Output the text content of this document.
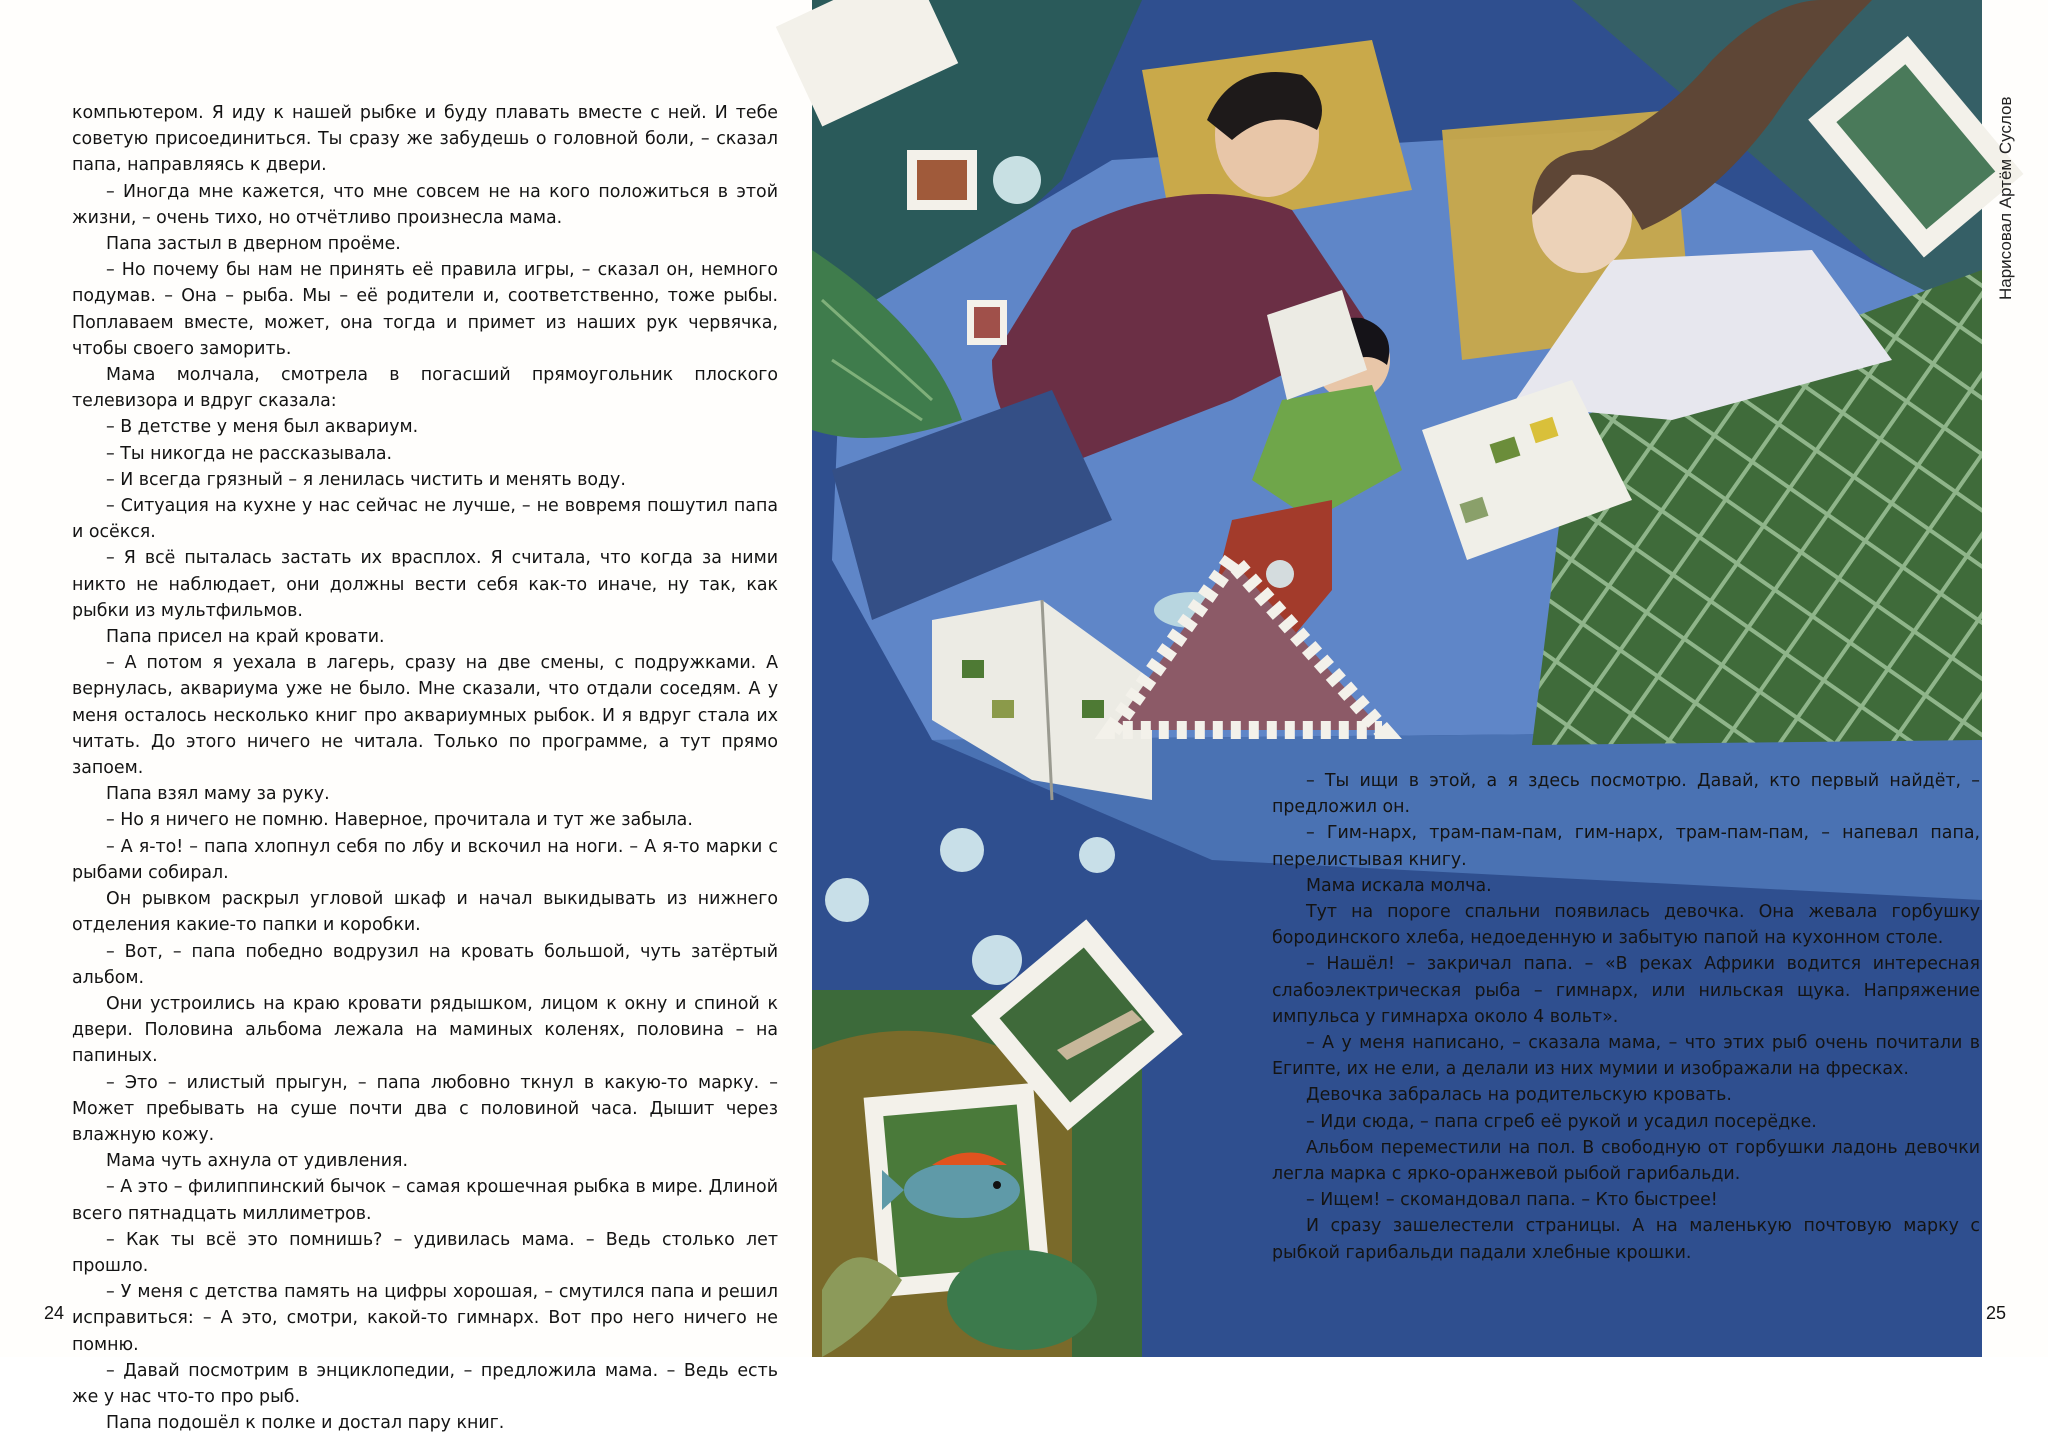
компьютером. Я иду к нашей рыбке и буду плавать вместе с ней. И тебе советую присоединиться. Ты сразу же забудешь о головной боли, – сказал папа, направляясь к двери.

– Иногда мне кажется, что мне совсем не на кого положиться в этой жизни, – очень тихо, но отчётливо произнесла мама.

Папа застыл в дверном проёме.

– Но почему бы нам не принять её правила игры, – сказал он, немного подумав. – Она – рыба. Мы – её родители и, соответственно, тоже рыбы. Поплаваем вместе, может, она тогда и примет из наших рук червячка, чтобы своего заморить.

Мама молчала, смотрела в погасший прямоугольник плоского телевизора и вдруг сказала:

– В детстве у меня был аквариум.

– Ты никогда не рассказывала.

– И всегда грязный – я ленилась чистить и менять воду.

– Ситуация на кухне у нас сейчас не лучше, – не вовремя пошутил папа и осёкся.

– Я всё пыталась застать их врасплох. Я считала, что когда за ними никто не наблюдает, они должны вести себя как-то иначе, ну так, как рыбки из мультфильмов.

Папа присел на край кровати.

– А потом я уехала в лагерь, сразу на две смены, с подружками. А вернулась, аквариума уже не было. Мне сказали, что отдали соседям. А у меня осталось несколько книг про аквариумных рыбок. И я вдруг стала их читать. До этого ничего не читала. Только по программе, а тут прямо запоем.

Папа взял маму за руку.

– Но я ничего не помню. Наверное, прочитала и тут же забыла.

– А я-то! – папа хлопнул себя по лбу и вскочил на ноги. – А я-то марки с рыбами собирал.

Он рывком раскрыл угловой шкаф и начал выкидывать из нижнего отделения какие-то папки и коробки.

– Вот, – папа победно водрузил на кровать большой, чуть затёртый альбом.

Они устроились на краю кровати рядышком, лицом к окну и спиной к двери. Половина альбома лежала на маминых коленях, половина – на папиных.

– Это – илистый прыгун, – папа любовно ткнул в какую-то марку. – Может пребывать на суше почти два с половиной часа. Дышит через влажную кожу.

Мама чуть ахнула от удивления.

– А это – филиппинский бычок – самая крошечная рыбка в мире. Длиной всего пятнадцать миллиметров.

– Как ты всё это помнишь? – удивилась мама. – Ведь столько лет прошло.

– У меня с детства память на цифры хорошая, – смутился папа и решил исправиться: – А это, смотри, какой-то гимнарх. Вот про него ничего не помню.

– Давай посмотрим в энциклопедии, – предложила мама. – Ведь есть же у нас что-то про рыб.

Папа подошёл к полке и достал пару книг.

24

– Ты ищи в этой, а я здесь посмотрю. Давай, кто первый найдёт, – предложил он.

– Гим-нарх, трам-пам-пам, гим-нарх, трам-пам-пам, – напевал папа, перелистывая книгу.

Мама искала молча.

Тут на пороге спальни появилась девочка. Она жевала горбушку бородинского хлеба, недоеденную и забытую папой на кухонном столе.

– Нашёл! – закричал папа. – «В реках Африки водится интересная слабоэлектрическая рыба – гимнарх, или нильская щука. Напряжение импульса у гимнарха около 4 вольт».

– А у меня написано, – сказала мама, – что этих рыб очень почитали в Египте, их не ели, а делали из них мумии и изображали на фресках.

Девочка забралась на родительскую кровать.

– Иди сюда, – папа сгреб её рукой и усадил посерёдке.

Альбом переместили на пол. В свободную от горбушки ладонь девочки легла марка с ярко-оранжевой рыбой гарибальди.

– Ищем! – скомандовал папа. – Кто быстрее!

И сразу зашелестели страницы. А на маленькую почтовую марку с рыбкой гарибальди падали хлебные крошки.

Нарисовал Артём Суслов
25
